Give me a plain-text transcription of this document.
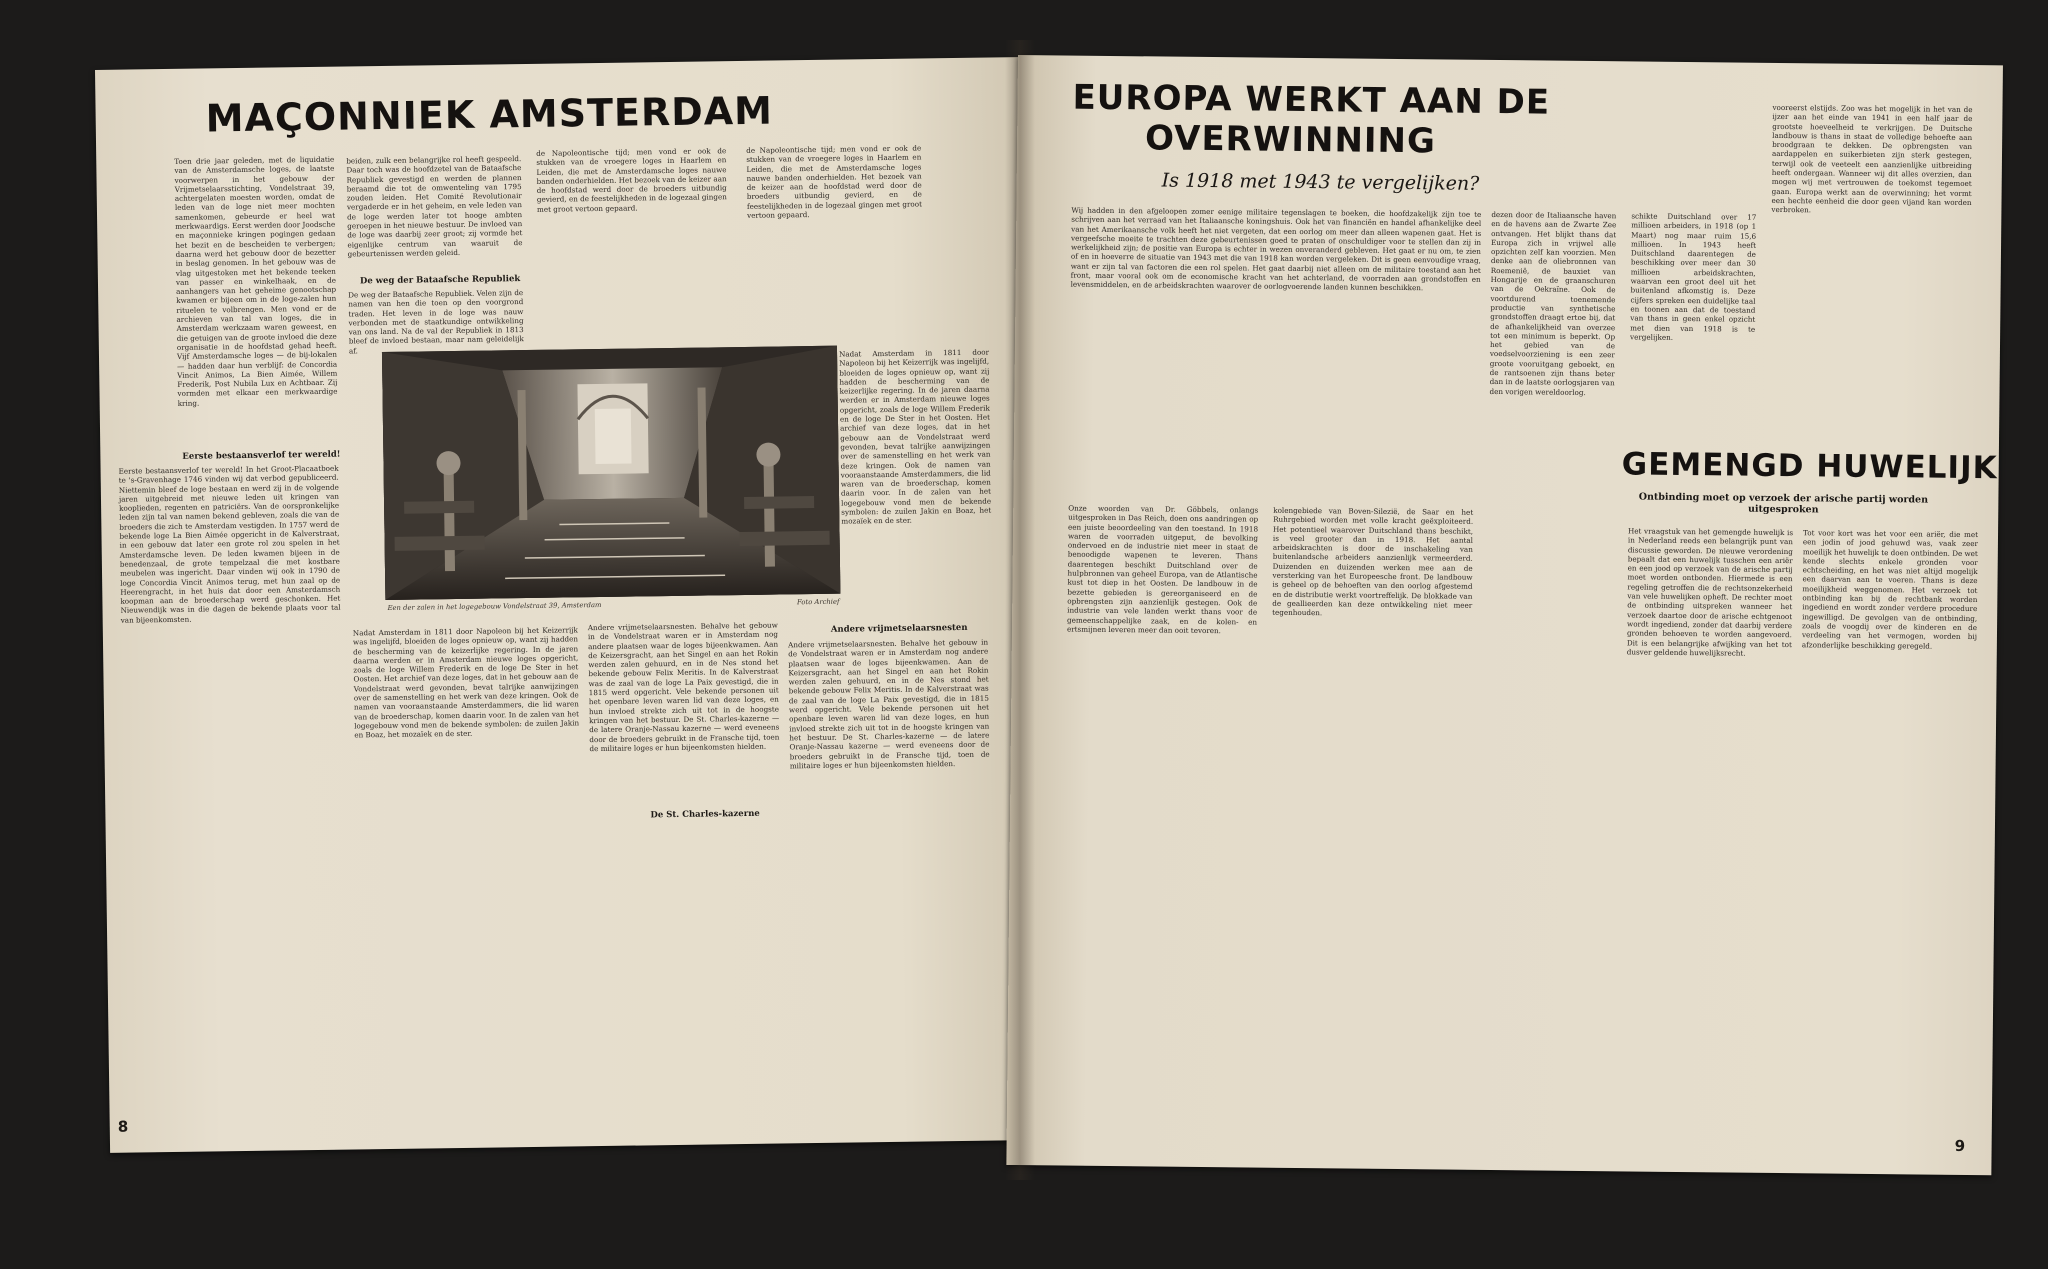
MAÇONNIEK AMSTERDAM
Toen drie jaar geleden, met de liquidatie van de Amsterdamsche loges, de laatste voorwerpen in het gebouw der Vrijmetselaarsstichting, Vondelstraat 39, achtergelaten moesten worden, omdat de leden van de loge niet meer mochten samenkomen, gebeurde er heel wat merkwaardigs. Eerst werden door Joodsche en maçonnieke kringen pogingen gedaan het bezit en de bescheiden te verbergen; daarna werd het gebouw door de bezetter in beslag genomen. In het gebouw was de vlag uitgestoken met het bekende teeken van passer en winkelhaak, en de aanhangers van het geheime genootschap kwamen er bijeen om in de loge-zalen hun rituelen te volbrengen. Men vond er de archieven van tal van loges, die in Amsterdam werkzaam waren geweest, en die getuigen van de groote invloed die deze organisatie in de hoofdstad gehad heeft. Vijf Amsterdamsche loges — de bij-lokalen — hadden daar hun verblijf: de Concordia Vincit Animos, La Bien Aimée, Willem Frederik, Post Nubila Lux en Achtbaar. Zij vormden met elkaar een merkwaardige kring.
Eerste bestaansverlof ter wereld!
Eerste bestaansverlof ter wereld! In het Groot-Placaatboek te 's-Gravenhage 1746 vinden wij dat verbod gepubliceerd. Niettemin bleef de loge bestaan en werd zij in de volgende jaren uitgebreid met nieuwe leden uit kringen van kooplieden, regenten en patriciërs. Van de oorspronkelijke leden zijn tal van namen bekend gebleven, zoals die van de broeders die zich te Amsterdam vestigden. In 1757 werd de bekende loge La Bien Aimée opgericht in de Kalverstraat, in een gebouw dat later een grote rol zou spelen in het Amsterdamsche leven. De leden kwamen bijeen in de benedenzaal, de grote tempelzaal die met kostbare meubelen was ingericht. Daar vinden wij ook in 1790 de loge Concordia Vincit Animos terug, met hun zaal op de Heerengracht, in het huis dat door een Amsterdamsch koopman aan de broederschap werd geschonken. Het Nieuwendijk was in die dagen de bekende plaats voor tal van bijeenkomsten.
beiden, zulk een belangrijke rol heeft gespeeld. Daar toch was de hoofdzetel van de Bataafsche Republiek gevestigd en werden de plannen beraamd die tot de omwenteling van 1795 zouden leiden. Het Comité Revolutionair vergaderde er in het geheim, en vele leden van de loge werden later tot hooge ambten geroepen in het nieuwe bestuur. De invloed van de loge was daarbij zeer groot; zij vormde het eigenlijke centrum van waaruit de gebeurtenissen werden geleid.
De weg der Bataafsche Republiek
De weg der Bataafsche Republiek. Velen zijn de namen van hen die toen op den voorgrond traden. Het leven in de loge was nauw verbonden met de staatkundige ontwikkeling van ons land. Na de val der Republiek in 1813 bleef de invloed bestaan, maar nam geleidelijk af.
Nadat Amsterdam in 1811 door Napoleon bij het Keizerrijk was ingelijfd, bloeiden de loges opnieuw op, want zij hadden de bescherming van de keizerlijke regering. In de jaren daarna werden er in Amsterdam nieuwe loges opgericht, zoals de loge Willem Frederik en de loge De Ster in het Oosten. Het archief van deze loges, dat in het gebouw aan de Vondelstraat werd gevonden, bevat talrijke aanwijzingen over de samenstelling en het werk van deze kringen. Ook de namen van vooraanstaande Amsterdammers, die lid waren van de broederschap, komen daarin voor. In de zalen van het logegebouw vond men de bekende symbolen: de zuilen Jakin en Boaz, het mozaïek en de ster.
de Napoleontische tijd; men vond er ook de stukken van de vroegere loges in Haarlem en Leiden, die met de Amsterdamsche loges nauwe banden onderhielden. Het bezoek van de keizer aan de hoofdstad werd door de broeders uitbundig gevierd, en de feestelijkheden in de logezaal gingen met groot vertoon gepaard.
de Napoleontische tijd; men vond er ook de stukken van de vroegere loges in Haarlem en Leiden, die met de Amsterdamsche loges nauwe banden onderhielden. Het bezoek van de keizer aan de hoofdstad werd door de broeders uitbundig gevierd, en de feestelijkheden in de logezaal gingen met groot vertoon gepaard.
De St. Charles-kazerne
Andere vrijmetselaarsnesten. Behalve het gebouw in de Vondelstraat waren er in Amsterdam nog andere plaatsen waar de loges bijeenkwamen. Aan de Keizersgracht, aan het Singel en aan het Rokin werden zalen gehuurd, en in de Nes stond het bekende gebouw Felix Meritis. In de Kalverstraat was de zaal van de loge La Paix gevestigd, die in 1815 werd opgericht. Vele bekende personen uit het openbare leven waren lid van deze loges, en hun invloed strekte zich uit tot in de hoogste kringen van het bestuur. De St. Charles-kazerne — de latere Oranje-Nassau kazerne — werd eveneens door de broeders gebruikt in de Fransche tijd, toen de militaire loges er hun bijeenkomsten hielden.
Andere vrijmetselaarsnesten
Andere vrijmetselaarsnesten. Behalve het gebouw in de Vondelstraat waren er in Amsterdam nog andere plaatsen waar de loges bijeenkwamen. Aan de Keizersgracht, aan het Singel en aan het Rokin werden zalen gehuurd, en in de Nes stond het bekende gebouw Felix Meritis. In de Kalverstraat was de zaal van de loge La Paix gevestigd, die in 1815 werd opgericht. Vele bekende personen uit het openbare leven waren lid van deze loges, en hun invloed strekte zich uit tot in de hoogste kringen van het bestuur. De St. Charles-kazerne — de latere Oranje-Nassau kazerne — werd eveneens door de broeders gebruikt in de Fransche tijd, toen de militaire loges er hun bijeenkomsten hielden.
Nadat Amsterdam in 1811 door Napoleon bij het Keizerrijk was ingelijfd, bloeiden de loges opnieuw op, want zij hadden de bescherming van de keizerlijke regering. In de jaren daarna werden er in Amsterdam nieuwe loges opgericht, zoals de loge Willem Frederik en de loge De Ster in het Oosten. Het archief van deze loges, dat in het gebouw aan de Vondelstraat werd gevonden, bevat talrijke aanwijzingen over de samenstelling en het werk van deze kringen. Ook de namen van vooraanstaande Amsterdammers, die lid waren van de broederschap, komen daarin voor. In de zalen van het logegebouw vond men de bekende symbolen: de zuilen Jakin en Boaz, het mozaïek en de ster.
Een der zalen in het logegebouw Vondelstraat 39, Amsterdam	Foto Archief
8
EUROPA WERKT AAN DE
OVERWINNING
Is 1918 met 1943 te vergelijken?
Wij hadden in den afgeloopen zomer eenige militaire tegenslagen te boeken, die hoofdzakelijk zijn toe te schrijven aan het verraad van het Italiaansche koningshuis. Ook het van financiën en handel afhankelijke deel van het Amerikaansche volk heeft het niet vergeten, dat een oorlog om meer dan alleen wapenen gaat. Het is vergeefsche moeite te trachten deze gebeurtenissen goed te praten of onschuldiger voor te stellen dan zij in werkelijkheid zijn; de positie van Europa is echter in wezen onveranderd gebleven. Het gaat er nu om, te zien of en in hoeverre de situatie van 1943 met die van 1918 kan worden vergeleken. Dit is geen eenvoudige vraag, want er zijn tal van factoren die een rol spelen. Het gaat daarbij niet alleen om de militaire toestand aan het front, maar vooral ook om de economische kracht van het achterland, de voorraden aan grondstoffen en levensmiddelen, en de arbeidskrachten waarover de oorlogvoerende landen kunnen beschikken.
Onze woorden van Dr. Göbbels, onlangs uitgesproken in Das Reich, doen ons aandringen op een juiste beoordeeling van den toestand. In 1918 waren de voorraden uitgeput, de bevolking ondervoed en de industrie niet meer in staat de benoodigde wapenen te leveren. Thans daarentegen beschikt Duitschland over de hulpbronnen van geheel Europa, van de Atlantische kust tot diep in het Oosten. De landbouw in de bezette gebieden is gereorganiseerd en de opbrengsten zijn aanzienlijk gestegen. Ook de industrie van vele landen werkt thans voor de gemeenschappelijke zaak, en de kolen- en ertsmijnen leveren meer dan ooit tevoren.
kolengebiede van Boven-Silezië, de Saar en het Ruhrgebied worden met volle kracht geëxploiteerd. Het potentieel waarover Duitschland thans beschikt, is veel grooter dan in 1918. Het aantal arbeidskrachten is door de inschakeling van buitenlandsche arbeiders aanzienlijk vermeerderd. Duizenden en duizenden werken mee aan de versterking van het Europeesche front. De landbouw is geheel op de behoeften van den oorlog afgestemd en de distributie werkt voortreffelijk. De blokkade van de geallieerden kan deze ontwikkeling niet meer tegenhouden.
dezen door de Italiaansche haven en de havens aan de Zwarte Zee ontvangen. Het blijkt thans dat Europa zich in vrijwel alle opzichten zelf kan voorzien. Men denke aan de oliebronnen van Roemenië, de bauxiet van Hongarije en de graanschuren van de Oekraïne. Ook de voortdurend toenemende productie van synthetische grondstoffen draagt ertoe bij, dat de afhankelijkheid van overzee tot een minimum is beperkt. Op het gebied van de voedselvoorziening is een zeer groote vooruitgang geboekt, en de rantsoenen zijn thans beter dan in de laatste oorlogsjaren van den vorigen wereldoorlog.
schikte Duitschland over 17 millioen arbeiders, in 1918 (op 1 Maart) nog maar ruim 15,6 millioen. In 1943 heeft Duitschland daarentegen de beschikking over meer dan 30 millioen arbeidskrachten, waarvan een groot deel uit het buitenland afkomstig is. Deze cijfers spreken een duidelijke taal en toonen aan dat de toestand van thans in geen enkel opzicht met dien van 1918 is te vergelijken.
vooreerst elstijds. Zoo was het mogelijk in het van de ijzer aan het einde van 1941 in een half jaar de grootste hoeveelheid te verkrijgen. De Duitsche landbouw is thans in staat de volledige behoefte aan broodgraan te dekken. De opbrengsten van aardappelen en suikerbieten zijn sterk gestegen, terwijl ook de veeteelt een aanzienlijke uitbreiding heeft ondergaan. Wanneer wij dit alles overzien, dan mogen wij met vertrouwen de toekomst tegemoet gaan. Europa werkt aan de overwinning; het vormt een hechte eenheid die door geen vijand kan worden verbroken.
GEMENGD HUWELIJK
Ontbinding moet op verzoek der arische partij worden uitgesproken
Het vraagstuk van het gemengde huwelijk is in Nederland reeds een belangrijk punt van discussie geworden. De nieuwe verordening bepaalt dat een huwelijk tusschen een ariër en een jood op verzoek van de arische partij moet worden ontbonden. Hiermede is een regeling getroffen die de rechtsonzekerheid van vele huwelijken opheft. De rechter moet de ontbinding uitspreken wanneer het verzoek daartoe door de arische echtgenoot wordt ingediend, zonder dat daarbij verdere gronden behoeven te worden aangevoerd. Dit is een belangrijke afwijking van het tot dusver geldende huwelijksrecht.
Tot voor kort was het voor een ariër, die met een jodin of jood gehuwd was, vaak zeer moeilijk het huwelijk te doen ontbinden. De wet kende slechts enkele gronden voor echtscheiding, en het was niet altijd mogelijk een daarvan aan te voeren. Thans is deze moeilijkheid weggenomen. Het verzoek tot ontbinding kan bij de rechtbank worden ingediend en wordt zonder verdere procedure ingewilligd. De gevolgen van de ontbinding, zoals de voogdij over de kinderen en de verdeeling van het vermogen, worden bij afzonderlijke beschikking geregeld.
9
